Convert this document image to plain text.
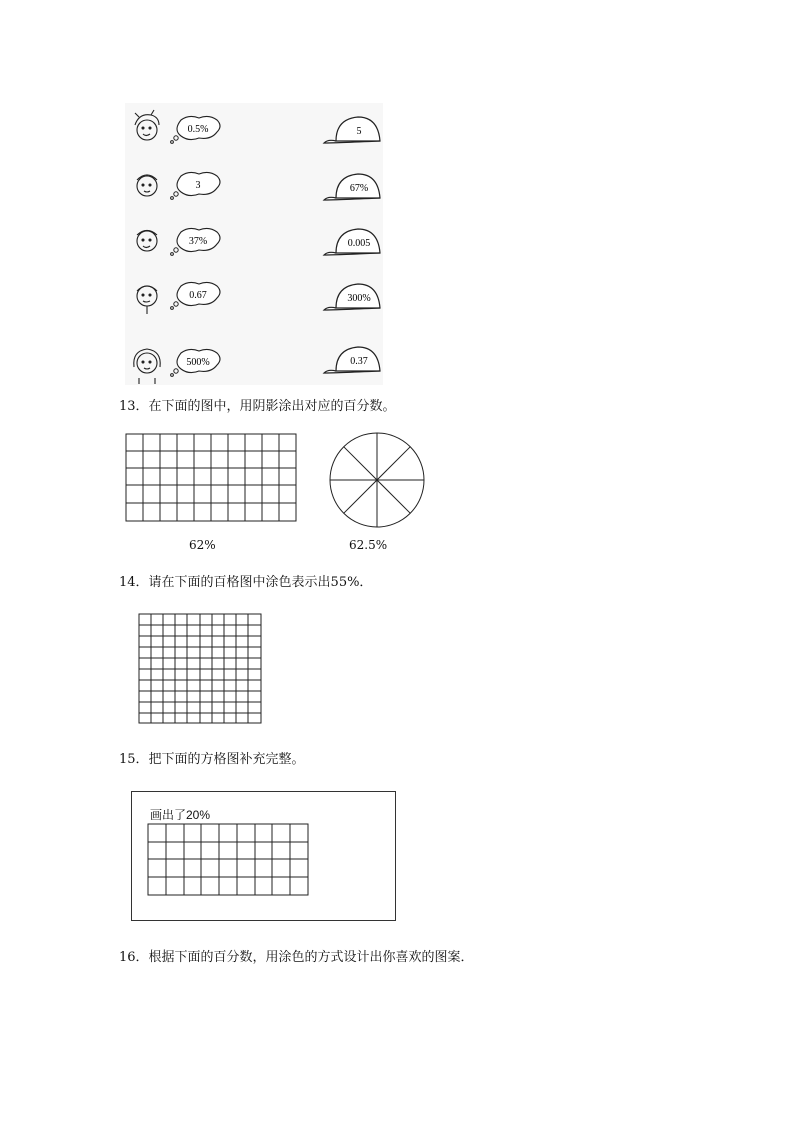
0.5%
3
37%
0.67
500%
5
67%
0.005
300%
0.37
13．在下面的图中，用阴影涂出对应的百分数。
62%	62.5%
14．请在下面的百格图中涂色表示出55%．
15．把下面的方格图补充完整。
画出了20%
16．根据下面的百分数，用涂色的方式设计出你喜欢的图案．
